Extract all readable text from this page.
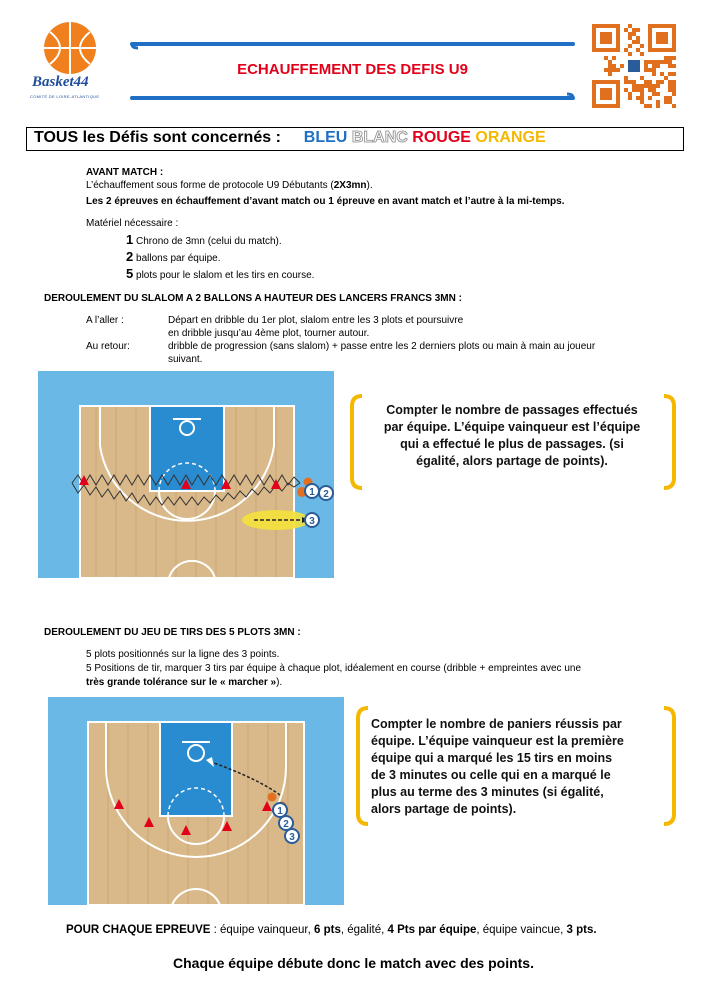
Basket44
COMITÉ DE LOIRE-ATLANTIQUE
ECHAUFFEMENT DES DEFIS U9
TOUS les Défis sont concernés : BLEU BLANC ROUGE ORANGE
AVANT MATCH :
L’échauffement sous forme de protocole U9 Débutants (2X3mn).
Les 2 épreuves en échauffement d’avant match ou 1 épreuve en avant match et l’autre à la mi-temps.
Matériel nécessaire :
1 Chrono de 3mn (celui du match).
2 ballons par équipe.
5 plots pour le slalom et les tirs en course.
DEROULEMENT DU SLALOM A 2 BALLONS A HAUTEUR DES LANCERS FRANCS 3MN :
A l’aller :	Départ en dribble du 1er plot, slalom entre les 3 plots et poursuivre
en dribble jusqu’au 4ème plot, tourner autour.
Au retour:	dribble de progression (sans slalom) + passe entre les 2 derniers plots ou main à main au joueur
suivant.
1 2
3
Compter le nombre de passages effectués
par équipe. L’équipe vainqueur est l’équipe
qui a effectué le plus de passages. (si
égalité, alors partage de points).
DEROULEMENT DU JEU DE TIRS DES 5 PLOTS 3MN :
5 plots positionnés sur la ligne des 3 points.
5 Positions de tir, marquer 3 tirs par équipe à chaque plot, idéalement en course (dribble + empreintes avec une
très grande tolérance sur le « marcher »).
1
2
3
Compter le nombre de paniers réussis par
équipe. L’équipe vainqueur est la première
équipe qui a marqué les 15 tirs en moins
de 3 minutes ou celle qui en a marqué le
plus au terme des 3 minutes (si égalité,
alors partage de points).
POUR CHAQUE EPREUVE : équipe vainqueur, 6 pts, égalité, 4 Pts par équipe, équipe vaincue, 3 pts.
Chaque équipe débute donc le match avec des points.
